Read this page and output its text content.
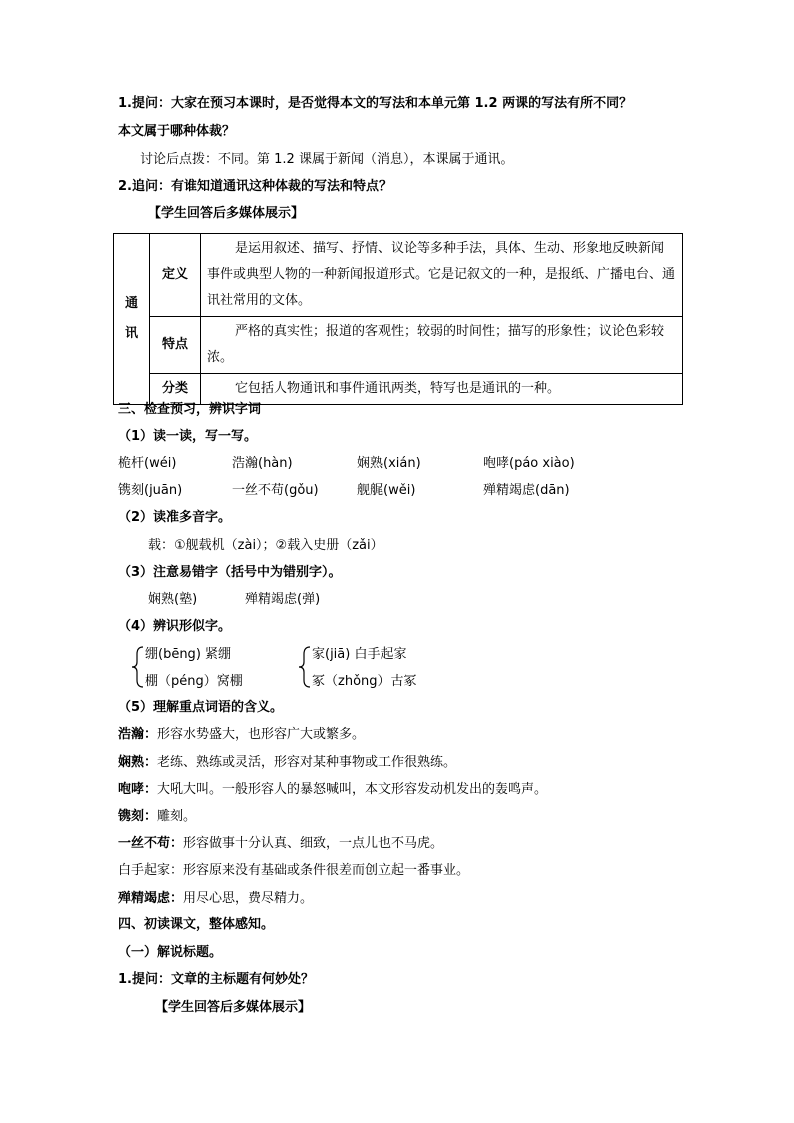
1.提问：大家在预习本课时，是否觉得本文的写法和本单元第 1.2 两课的写法有所不同？
本文属于哪种体裁？
讨论后点拨：不同。第 1.2 课属于新闻（消息），本课属于通讯。
2.追问：有谁知道通讯这种体裁的写法和特点？
【学生回答后多媒体展示】
通
讯	定义	是运用叙述、描写、抒情、议论等多种手法，具体、生动、形象地反映新闻事件或典型人物的一种新闻报道形式。它是记叙文的一种，是报纸、广播电台、通讯社常用的文体。
	特点	严格的真实性；报道的客观性；较弱的时间性；描写的形象性；议论色彩较浓。
	分类	它包括人物通讯和事件通讯两类，特写也是通讯的一种。
三、检查预习，辨识字词
（1）读一读，写一写。
桅杆(wéi)	浩瀚(hàn)	娴熟(xián)	咆哮(páo xiào)
镌刻(juān)	一丝不苟(gǒu)	舰艉(wěi)	殚精竭虑(dān)
（2）读准多音字。
载：①舰载机（zài）；②载入史册（zǎi）
（3）注意易错字（括号中为错别字）。
娴熟(塾)	殚精竭虑(弹)
（4）辨识形似字。
绷(bēng) 紧绷
棚（péng）窝棚
家(jiā) 白手起家
冢（zhǒng）古冢
（5）理解重点词语的含义。
浩瀚：形容水势盛大，也形容广大或繁多。
娴熟：老练、熟练或灵活，形容对某种事物或工作很熟练。
咆哮：大吼大叫。一般形容人的暴怒喊叫，本文形容发动机发出的轰鸣声。
镌刻：雕刻。
一丝不苟：形容做事十分认真、细致，一点儿也不马虎。
白手起家：形容原来没有基础或条件很差而创立起一番事业。
殚精竭虑：用尽心思，费尽精力。
四、初读课文，整体感知。
（一）解说标题。
1.提问：文章的主标题有何妙处？
【学生回答后多媒体展示】
